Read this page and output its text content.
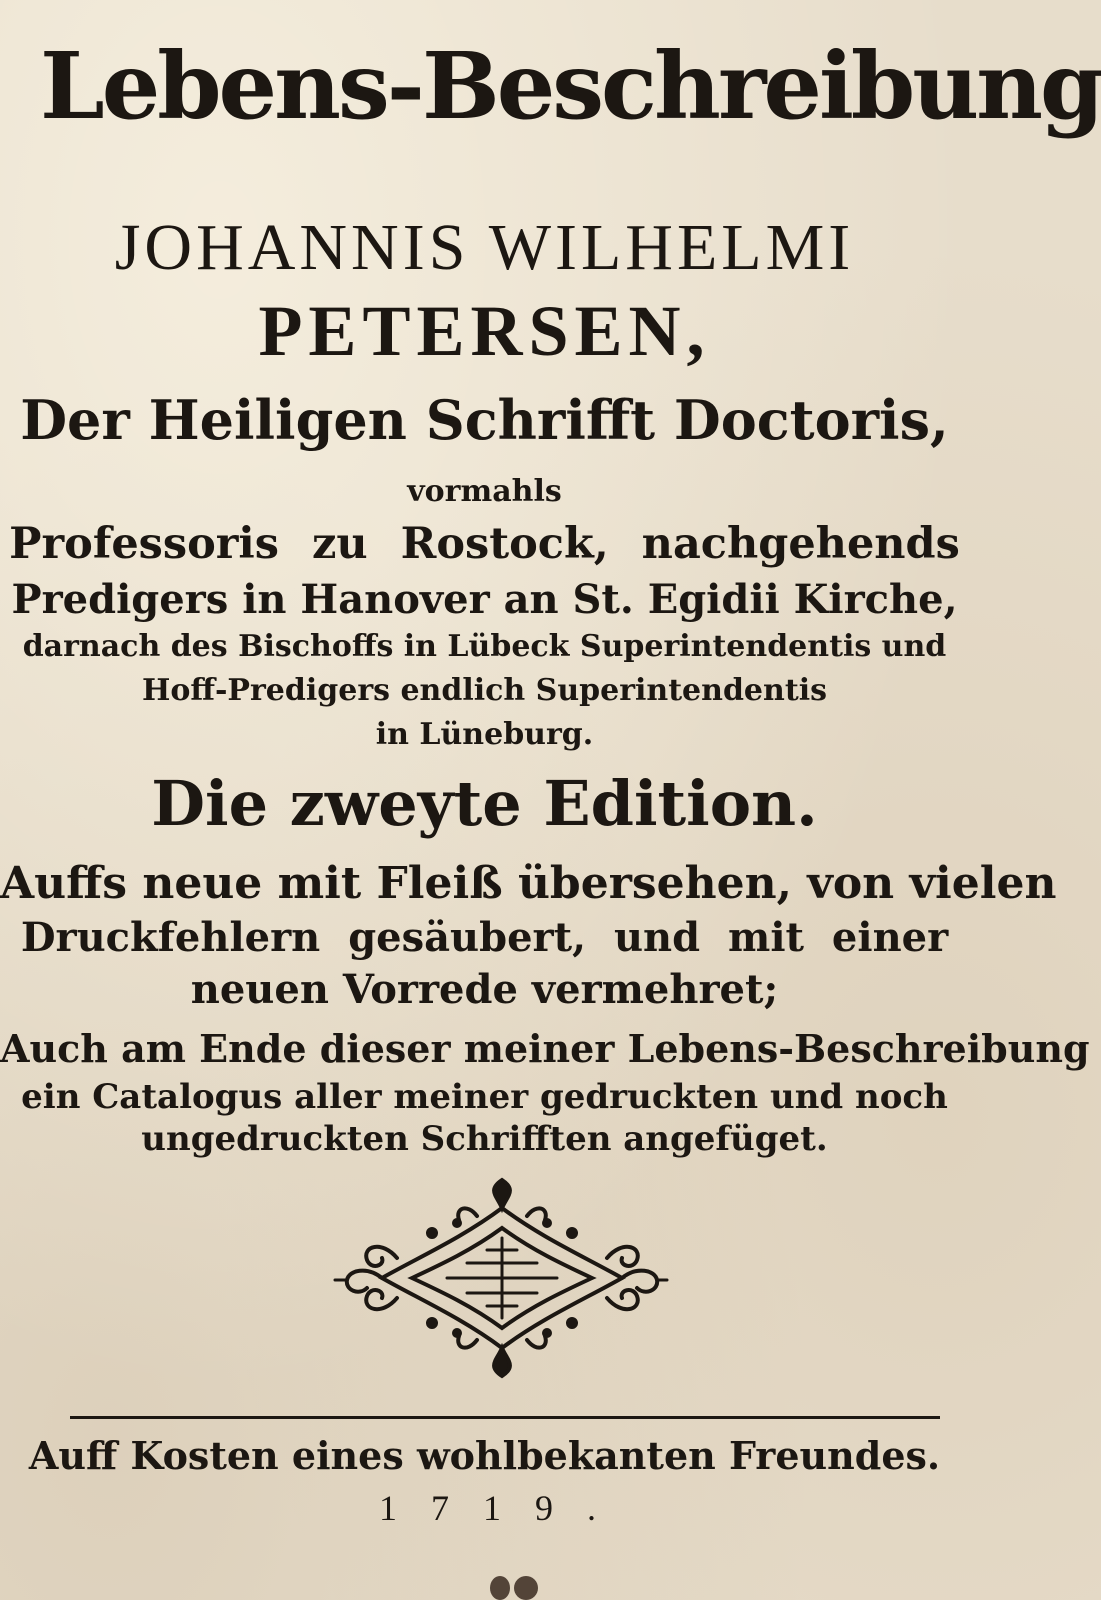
Lebens-Beschreibung
JOHANNIS WILHELMI
PETERSEN,
Der Heiligen Schrifft Doctoris,
vormahls
Professoris zu Rostock, nachgehends
Predigers in Hanover an St. Egidii Kirche,
darnach des Bischoffs in Lübeck Superintendentis und
Hoff-Predigers endlich Superintendentis
in Lüneburg.
Die zweyte Edition.
Auffs neue mit Fleiß übersehen, von vielen
Druckfehlern gesäubert, und mit einer
neuen Vorrede vermehret;
Auch am Ende dieser meiner Lebens-Beschreibung
ein Catalogus aller meiner gedruckten und noch
ungedruckten Schrifften angefüget.
Auff Kosten eines wohlbekanten Freundes.
1719.
